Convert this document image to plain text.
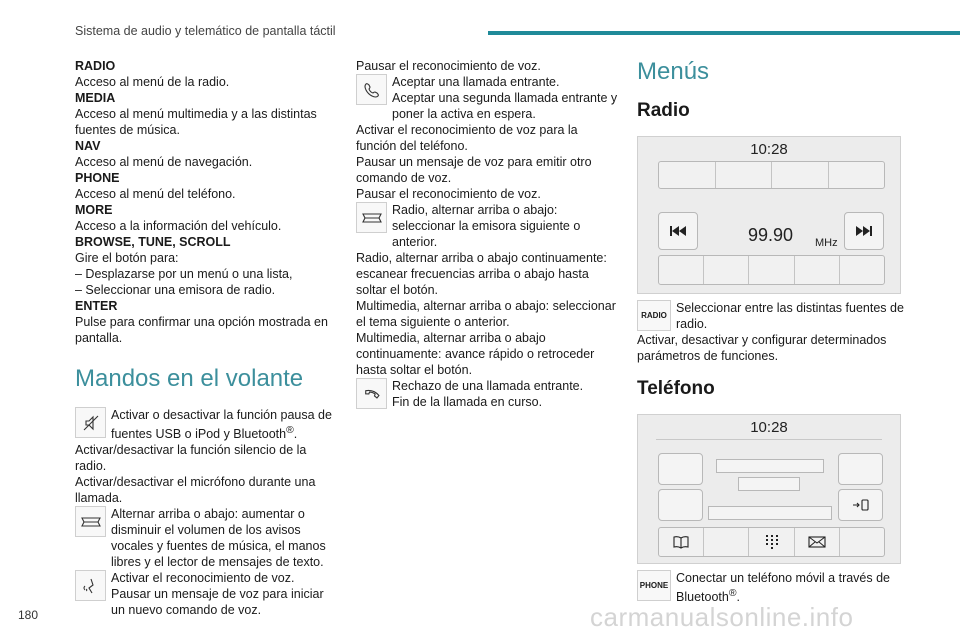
Sistema de audio y telemático de pantalla táctil

RADIO

Acceso al menú de la radio.

MEDIA

Acceso al menú multimedia y a las distintas fuentes de música.

NAV

Acceso al menú de navegación.

PHONE

Acceso al menú del teléfono.

MORE

Acceso a la información del vehículo.

BROWSE, TUNE, SCROLL

Gire el botón para:

– Desplazarse por un menú o una lista,

– Seleccionar una emisora de radio.

ENTER

Pulse para confirmar una opción mostrada en pantalla.

Mandos en el volante
Activar o desactivar la función pausa de fuentes USB o iPod y Bluetooth®.

Activar/desactivar la función silencio de la radio.

Activar/desactivar el micrófono durante una llamada.

Alternar arriba o abajo: aumentar o disminuir el volumen de los avisos vocales y fuentes de música, el manos libres y el lector de mensajes de texto.
Activar el reconocimiento de voz.
Pausar un mensaje de voz para iniciar un nuevo comando de voz.

Pausar el reconocimiento de voz.

Aceptar una llamada entrante.
Aceptar una segunda llamada entrante y poner la activa en espera.

Activar el reconocimiento de voz para la función del teléfono.

Pausar un mensaje de voz para emitir otro comando de voz.

Pausar el reconocimiento de voz.

Radio, alternar arriba o abajo: seleccionar la emisora siguiente o anterior.

Radio, alternar arriba o abajo continuamente: escanear frecuencias arriba o abajo hasta soltar el botón.

Multimedia, alternar arriba o abajo: seleccionar el tema siguiente o anterior.

Multimedia, alternar arriba o abajo continuamente: avance rápido o retroceder hasta soltar el botón.

Rechazo de una llamada entrante.
Fin de la llamada en curso.
Menús
Radio
10:28
99.90 MHz
RADIO Seleccionar entre las distintas fuentes de radio.

Activar, desactivar y configurar determinados parámetros de funciones.

Teléfono
10:28
PHONE Conectar un teléfono móvil a través de Bluetooth®.
180	carmanualsonline.info
